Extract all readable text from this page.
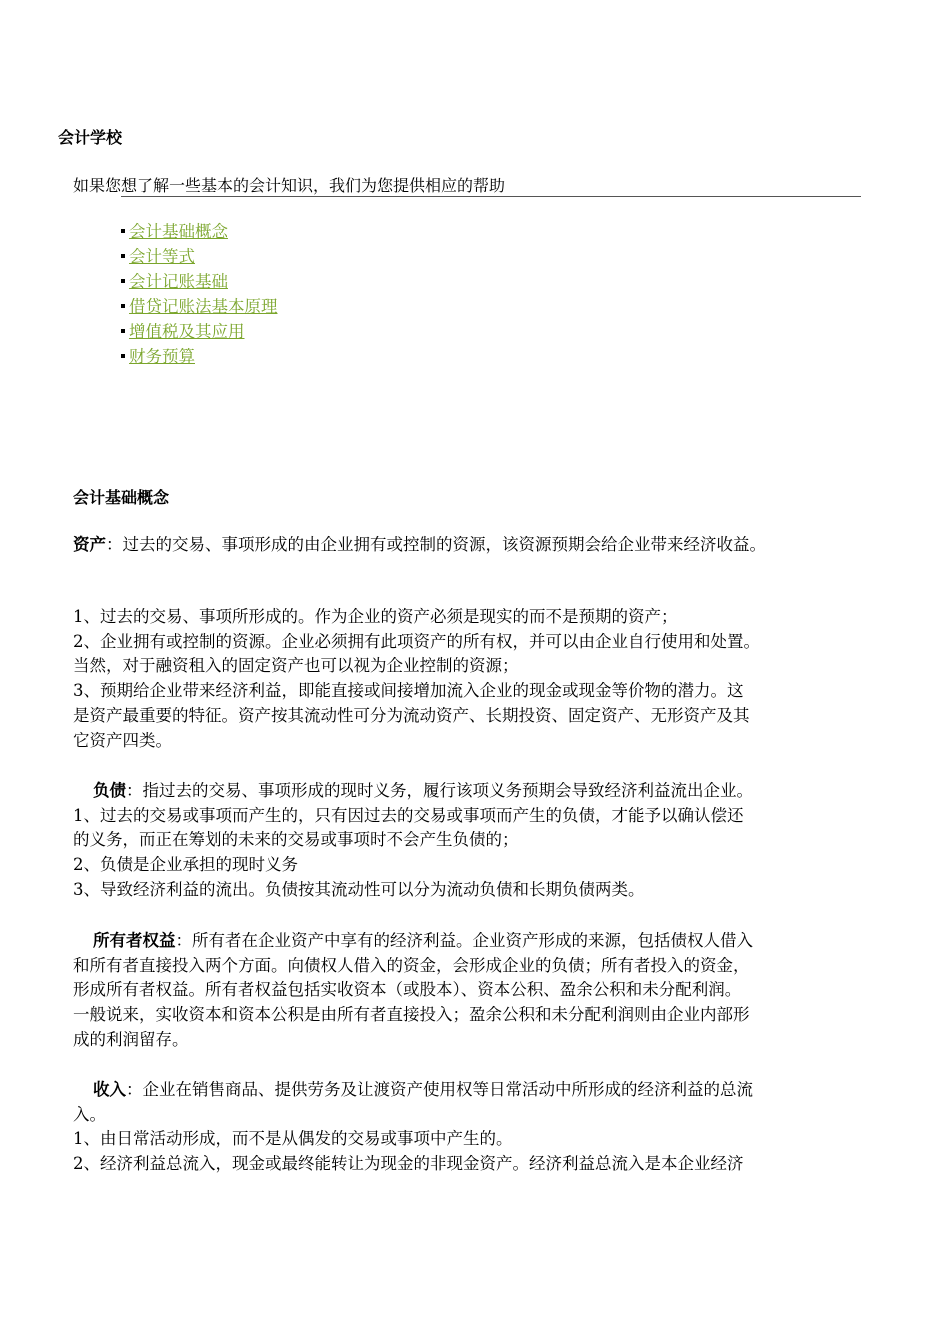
会计学校
如果您想了解一些基本的会计知识，我们为您提供相应的帮助
会计基础概念
会计等式
会计记账基础
借贷记账法基本原理
增值税及其应用
财务预算
会计基础概念
资产：过去的交易、事项形成的由企业拥有或控制的资源，该资源预期会给企业带来经济收益。

1、过去的交易、事项所形成的。作为企业的资产必须是现实的而不是预期的资产；

2、企业拥有或控制的资源。企业必须拥有此项资产的所有权，并可以由企业自行使用和处置。

当然，对于融资租入的固定资产也可以视为企业控制的资源；

3、预期给企业带来经济利益，即能直接或间接增加流入企业的现金或现金等价物的潜力。这

是资产最重要的特征。资产按其流动性可分为流动资产、长期投资、固定资产、无形资产及其

它资产四类。

负债：指过去的交易、事项形成的现时义务，履行该项义务预期会导致经济利益流出企业。

1、过去的交易或事项而产生的，只有因过去的交易或事项而产生的负债，才能予以确认偿还

的义务，而正在筹划的未来的交易或事项时不会产生负债的；

2、负债是企业承担的现时义务

3、导致经济利益的流出。负债按其流动性可以分为流动负债和长期负债两类。

所有者权益：所有者在企业资产中享有的经济利益。企业资产形成的来源，包括债权人借入

和所有者直接投入两个方面。向债权人借入的资金，会形成企业的负债；所有者投入的资金，

形成所有者权益。所有者权益包括实收资本（或股本）、资本公积、盈余公积和未分配利润。

一般说来，实收资本和资本公积是由所有者直接投入；盈余公积和未分配利润则由企业内部形

成的利润留存。

收入：企业在销售商品、提供劳务及让渡资产使用权等日常活动中所形成的经济利益的总流

入。

1、由日常活动形成，而不是从偶发的交易或事项中产生的。

2、经济利益总流入，现金或最终能转让为现金的非现金资产。经济利益总流入是本企业经济
